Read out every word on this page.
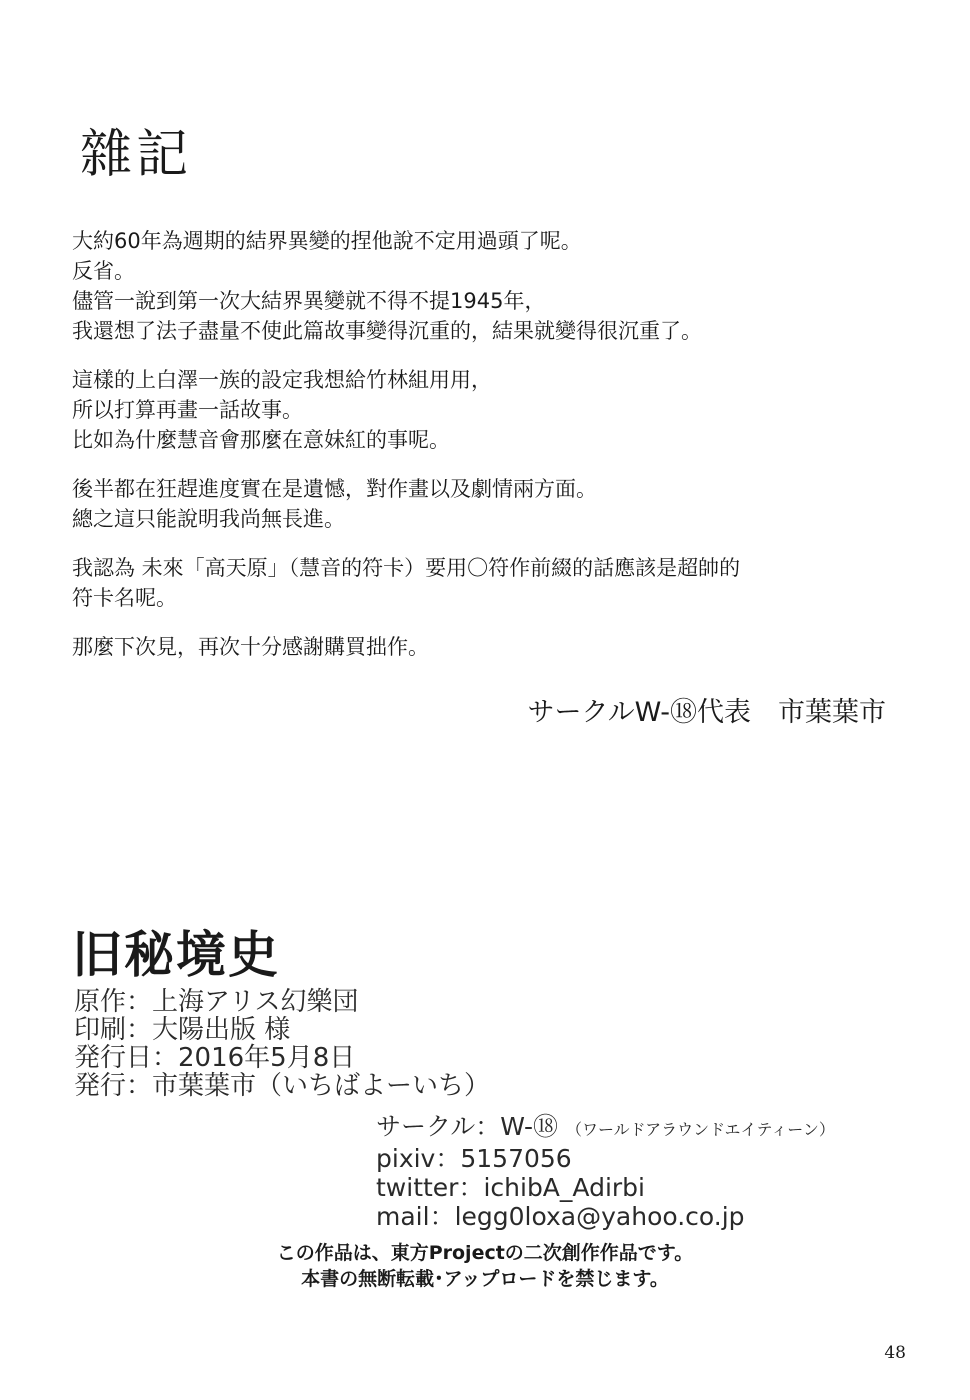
雜記
大約60年為週期的結界異變的捏他說不定用過頭了呢。
反省。
儘管一說到第一次大結界異變就不得不提1945年，
我還想了法子盡量不使此篇故事變得沉重的，結果就變得很沉重了。
這樣的上白澤一族的設定我想給竹林組用用，
所以打算再畫一話故事。
比如為什麼慧音會那麼在意妹紅的事呢。
後半都在狂趕進度實在是遺憾，對作畫以及劇情兩方面。
總之這只能說明我尚無長進。
我認為 未來「高天原」（慧音的符卡）要用〇符作前綴的話應該是超帥的
符卡名呢。
那麼下次見，再次十分感謝購買拙作。
サークルW-⑱代表　市葉葉市
旧秘境史
原作：上海アリス幻樂団
印刷：大陽出版 様
発行日：2016年5月8日
発行：市葉葉市（いちばよーいち）
サークル：W-⑱ （ワールドアラウンドエイティーン）
pixiv：5157056
twitter：ichibA_Adirbi
mail：legg0loxa@yahoo.co.jp
この作品は、東方Projectの二次創作作品です。
本書の無断転載･アップロードを禁じます。
48
